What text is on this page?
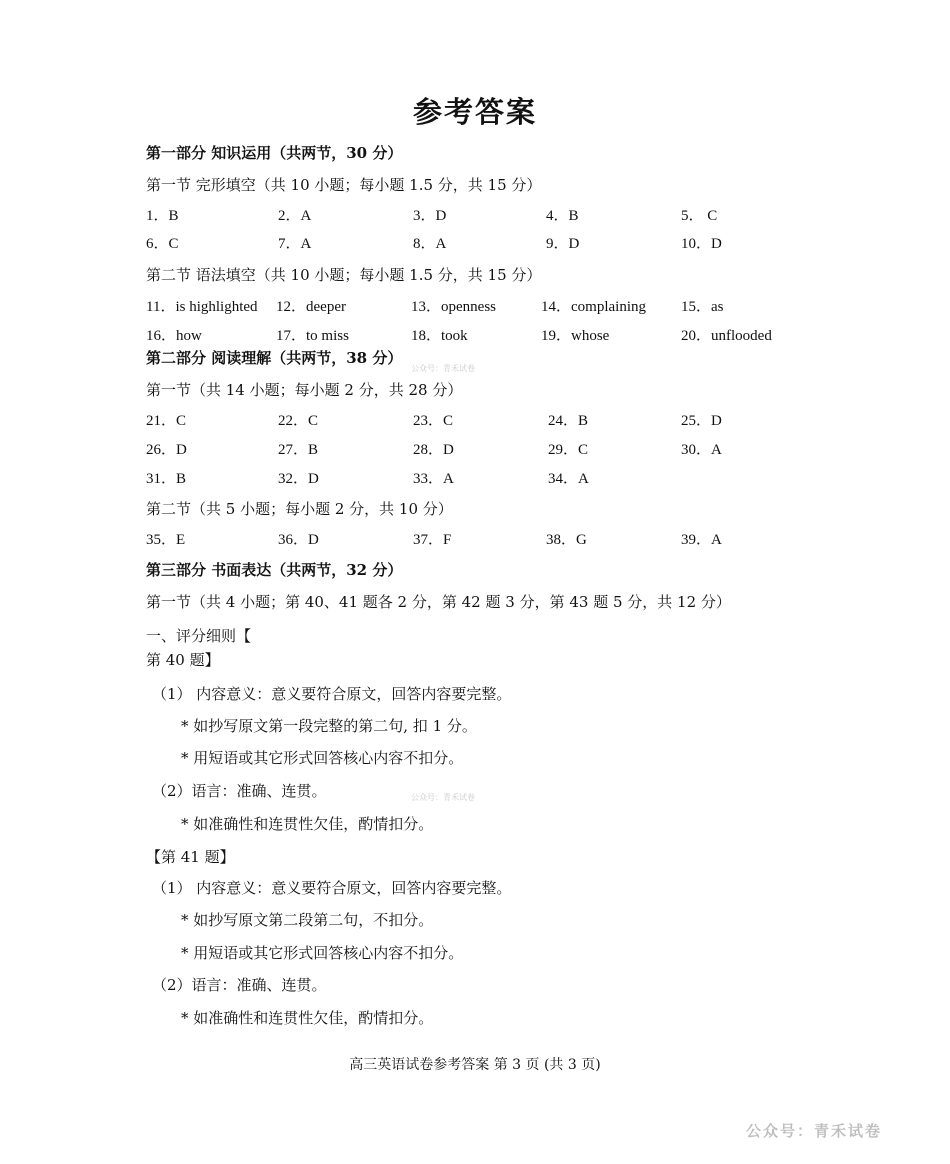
参考答案
第一部分 知识运用（共两节，30 分）
第一节 完形填空（共 10 小题；每小题 1.5 分，共 15 分）
1．B	2．A	3．D	4．B	5． C
6．C	7．A	8．A	9．D	10．D
第二节 语法填空（共 10 小题；每小题 1.5 分，共 15 分）
11．is highlighted 12．deeper	13．openness	14．complaining 15．as
16．how	17．to miss	18．took	19．whose	20．unflooded
第二部分 阅读理解（共两节，38 分）
公众号：青禾试卷
第一节（共 14 小题；每小题 2 分，共 28 分）
21．C	22．C	23．C	24．B	25．D
26．D	27．B	28．D	29．C	30．A
31．B	32．D	33．A	34．A
第二节（共 5 小题；每小题 2 分，共 10 分）
35．E	36．D	37．F	38．G	39．A
第三部分 书面表达（共两节，32 分）
第一节（共 4 小题；第 40、41 题各 2 分，第 42 题 3 分，第 43 题 5 分，共 12 分）
一、评分细则【
第 40 题】
（1） 内容意义：意义要符合原文，回答内容要完整。
* 如抄写原文第一段完整的第二句, 扣 1 分。
* 用短语或其它形式回答核心内容不扣分。
（2）语言：准确、连贯。	公众号：青禾试卷
* 如准确性和连贯性欠佳，酌情扣分。
【第 41 题】
（1） 内容意义：意义要符合原文，回答内容要完整。
* 如抄写原文第二段第二句，不扣分。
* 用短语或其它形式回答核心内容不扣分。
（2）语言：准确、连贯。
* 如准确性和连贯性欠佳，酌情扣分。
高三英语试卷参考答案 第 3 页 (共 3 页)
公众号：青禾试卷
